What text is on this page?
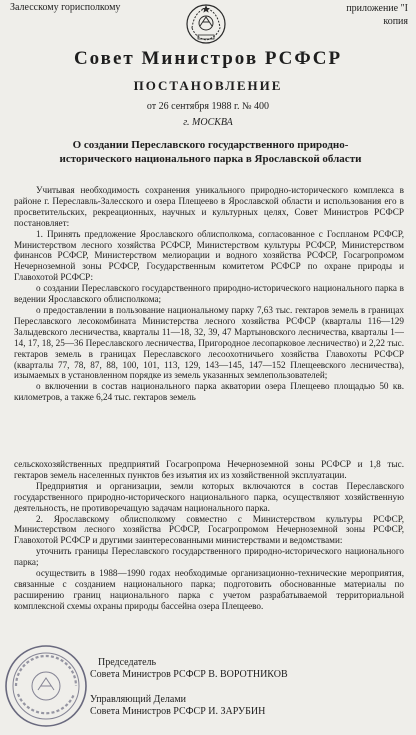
Залесскому горисполкому	приложение "I
копия
Совет Министров РСФСР
ПОСТАНОВЛЕНИЕ
от 26 сентября 1988 г. № 400
г. МОСКВА
О создании Переславского государственного природно-исторического национального парка в Ярославской области

Учитывая необходимость сохранения уникального природно-исторического комплекса в районе г. Переславль-Залесского и озера Плещеево в Ярославской области и использования его в просветительских, рекреационных, научных и культурных целях, Совет Министров РСФСР постановляет:

1. Принять предложение Ярославского облисполкома, согласованное с Госпланом РСФСР, Министерством лесного хозяйства РСФСР, Министерством культуры РСФСР, Министерством финансов РСФСР, Министерством мелиорации и водного хозяйства РСФСР, Госагропромом Нечерноземной зоны РСФСР, Государственным комитетом РСФСР по охране природы и Главохотой РСФСР:

о создании Переславского государственного природно-исторического национального парка в ведении Ярославского облисполкома;

о предоставлении в пользование национальному парку 7,63 тыс. гектаров земель в границах Переславского лесокомбината Министерства лесного хозяйства РСФСР (кварталы 116—129 Залыдевского лесничества, кварталы 11—18, 32, 39, 47 Мартыновского лесничества, кварталы 1—14, 17, 18, 25—36 Переславского лесничества, Пригородное лесопарковое лесничество) и 2,22 тыс. гектаров земель в границах Переславского лесоохотничьего хозяйства Главохоты РСФСР (кварталы 77, 78, 87, 88, 100, 101, 113, 129, 143—145, 147—152 Плещеевского лесничества), изымаемых в установленном порядке из земель указанных землепользователей;

о включении в состав национального парка акватории озера Плещеево площадью 50 кв. километров, а также 6,24 тыс. гектаров земель

сельскохозяйственных предприятий Госагропрома Нечерноземной зоны РСФСР и 1,8 тыс. гектаров земель населенных пунктов без изъятия их из хозяйственной эксплуатации.

Предприятия и организации, земли которых включаются в состав Переславского государственного природно-исторического национального парка, осуществляют хозяйственную деятельность, не противоречащую задачам национального парка.

2. Ярославскому облисполкому совместно с Министерством культуры РСФСР, Министерством лесного хозяйства РСФСР, Госагропромом Нечерноземной зоны РСФСР, Главохотой РСФСР и другими заинтересованными министерствами и ведомствами:

уточнить границы Переславского государственного природно-исторического национального парка;

осуществить в 1988—1990 годах необходимые организационно-технические мероприятия, связанные с созданием национального парка; подготовить обоснованные материалы по расширению границ национального парка с учетом разрабатываемой территориальной комплексной схемы охраны природы бассейна озера Плещеево.

Председатель
Совета Министров РСФСР В. ВОРОТНИКОВ
Управляющий Делами
Совета Министров РСФСР И. ЗАРУБИН
